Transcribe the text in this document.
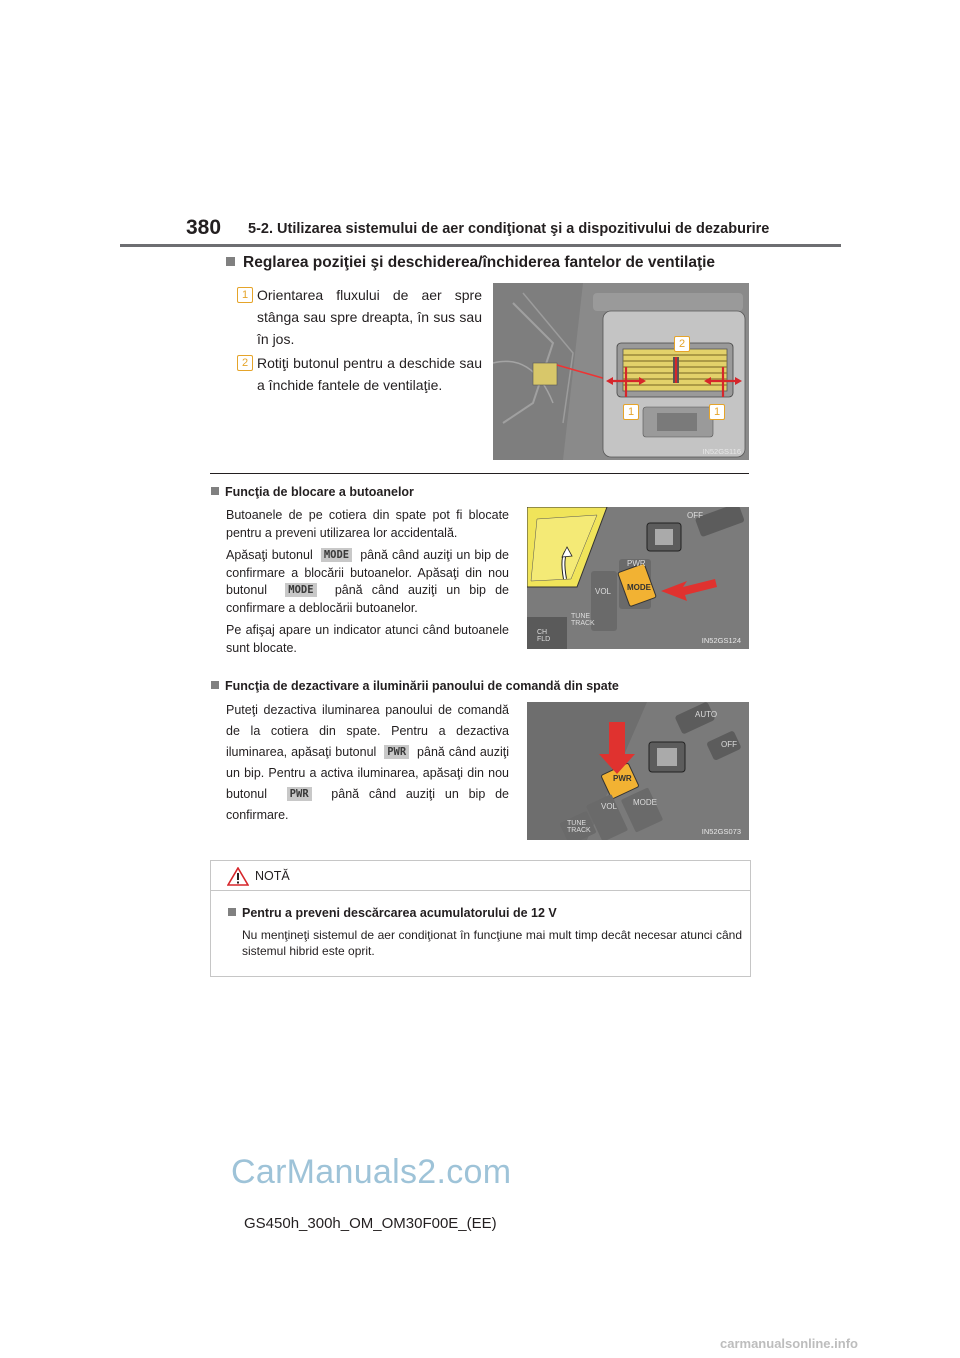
380 5-2. Utilizarea sistemului de aer condiţionat şi a dispozitivului de dezaburire
Reglarea poziţiei şi deschiderea/închiderea fantelor de ventilaţie
1 Orientarea fluxului de aer spre stânga sau spre dreapta, în sus sau în jos.
2 Rotiţi butonul pentru a deschide sau a închide fantele de ventilaţie.
2
1	1
IN52GS116
Funcţia de blocare a butoanelor

Butoanele de pe cotiera din spate pot fi blocate pentru a preveni utilizarea lor accidentală.

Apăsaţi butonul MODE până când auziţi un bip de confirmare a blocării butoanelor. Apăsaţi din nou butonul MODE până când auziţi un bip de confirmare a deblocării butoanelor.

Pe afişaj apare un indicator atunci când butoanele sunt blocate.

OFF
PWR
MODE
VOL
TUNE TRACK
CH FLD	IN52GS124
Funcţia de dezactivare a iluminării panoului de comandă din spate

Puteţi dezactiva iluminarea panoului de comandă de la cotiera din spate. Pentru a dezactiva iluminarea, apăsaţi butonul PWR până când auziţi un bip. Pentru a activa iluminarea, apăsaţi din nou butonul PWR până când auziţi un bip de confirmare.

AUTO
OFF
PWR
MODE
VOL
TUNE TRACK	IN52GS073
NOTĂ
Pentru a preveni descărcarea acumulatorului de 12 V
Nu menţineţi sistemul de aer condiţionat în funcţiune mai mult timp decât necesar atunci când sistemul hibrid este oprit.
CarManuals2.com
GS450h_300h_OM_OM30F00E_(EE)
carmanualsonline.info
